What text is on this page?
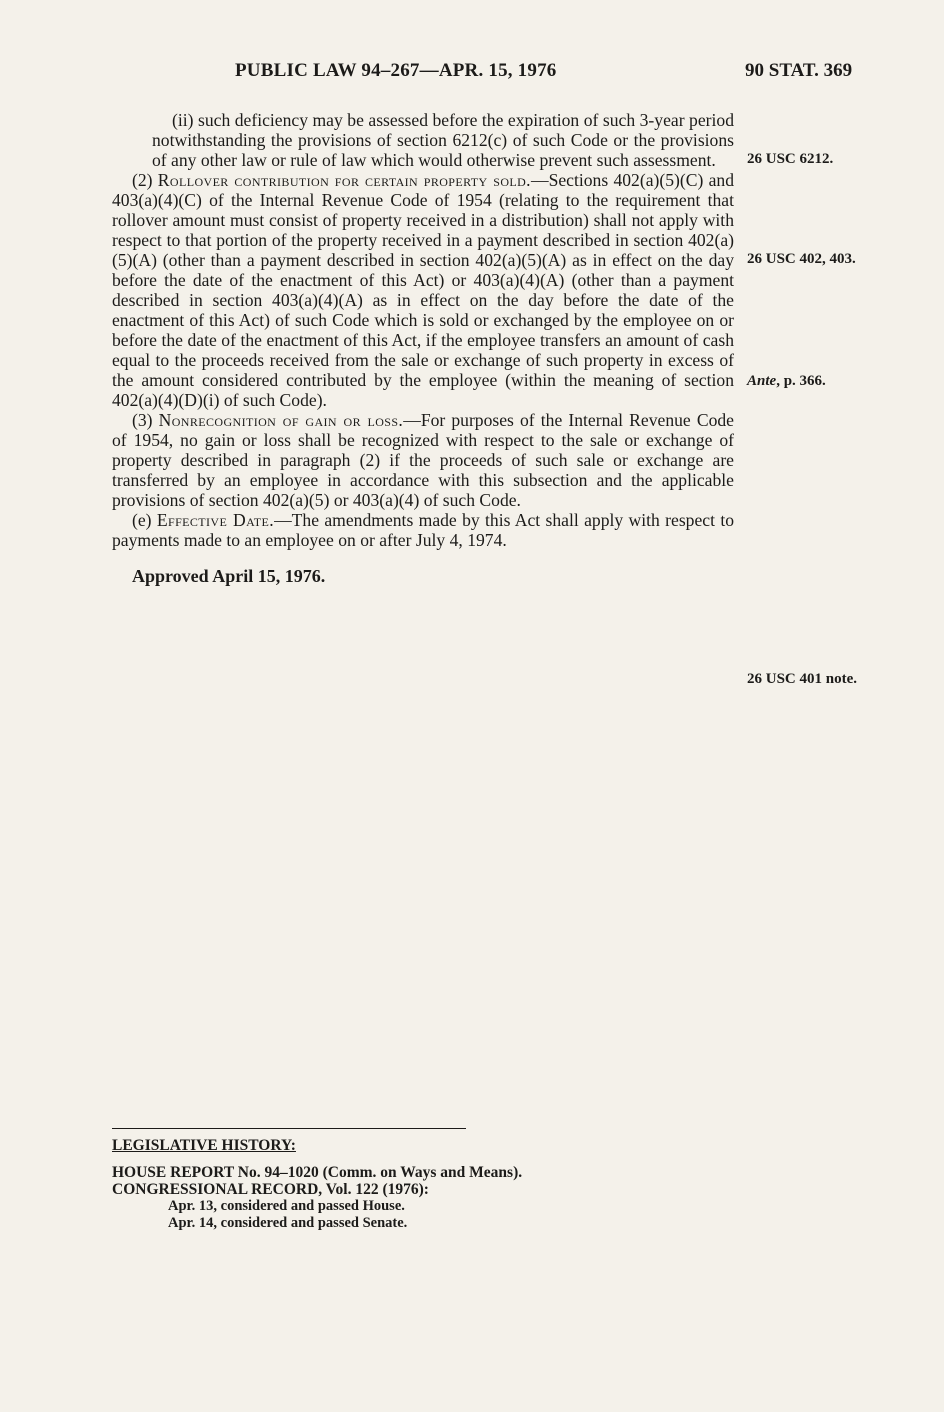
PUBLIC LAW 94–267—APR. 15, 1976	90 STAT. 369

(ii) such deficiency may be assessed before the expiration of such 3-year period notwithstanding the provisions of section 6212(c) of such Code or the provisions of any other law or rule of law which would otherwise prevent such assessment.

(2) Rollover contribution for certain property sold.—Sections 402(a)(5)(C) and 403(a)(4)(C) of the Internal Revenue Code of 1954 (relating to the requirement that rollover amount must consist of property received in a distribution) shall not apply with respect to that portion of the property received in a payment described in section 402(a)(5)(A) (other than a payment described in section 402(a)(5)(A) as in effect on the day before the date of the enactment of this Act) or 403(a)(4)(A) (other than a payment described in section 403(a)(4)(A) as in effect on the day before the date of the enactment of this Act) of such Code which is sold or exchanged by the employee on or before the date of the enactment of this Act, if the employee transfers an amount of cash equal to the proceeds received from the sale or exchange of such property in excess of the amount considered contributed by the employee (within the meaning of section 402(a)(4)(D)(i) of such Code).

(3) Nonrecognition of gain or loss.—For purposes of the Internal Revenue Code of 1954, no gain or loss shall be recognized with respect to the sale or exchange of property described in paragraph (2) if the proceeds of such sale or exchange are transferred by an employee in accordance with this subsection and the applicable provisions of section 402(a)(5) or 403(a)(4) of such Code.

(e) Effective Date.—The amendments made by this Act shall apply with respect to payments made to an employee on or after July 4, 1974.

Approved April 15, 1976.

26 USC 6212.
26 USC 402, 403.
Ante, p. 366.
26 USC 401 note.
LEGISLATIVE HISTORY:
HOUSE REPORT No. 94–1020 (Comm. on Ways and Means).
CONGRESSIONAL RECORD, Vol. 122 (1976):
Apr. 13, considered and passed House.
Apr. 14, considered and passed Senate.
